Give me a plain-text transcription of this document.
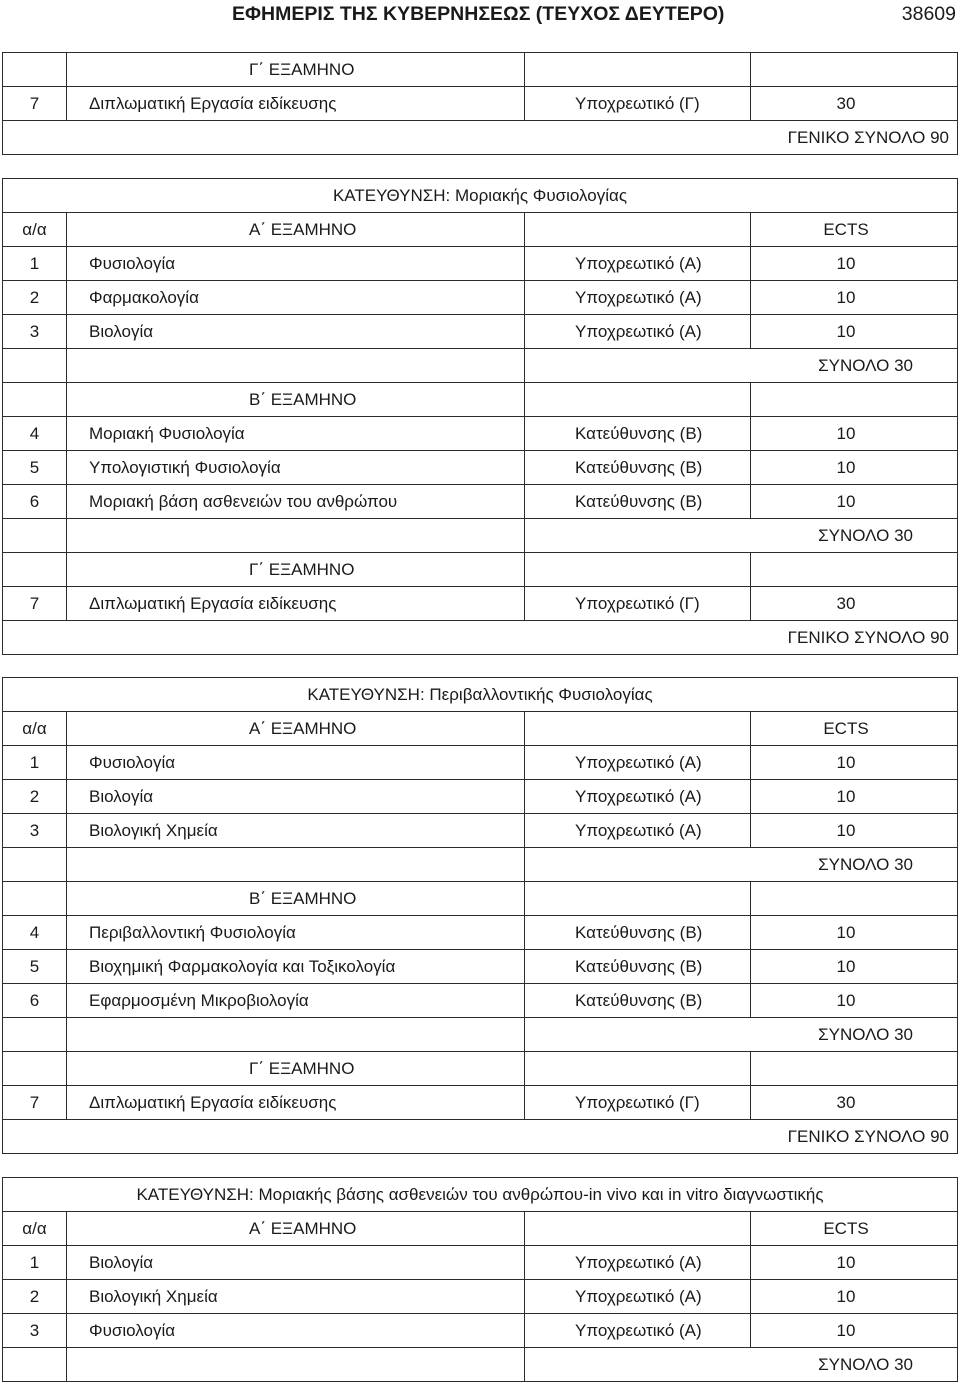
ΕΦΗΜΕΡΙΣ ΤΗΣ ΚΥΒΕΡΝΗΣΕΩΣ (ΤΕΥΧΟΣ ΔΕΥΤΕΡΟ)	38609
	Γ΄ ΕΞΑΜΗΝΟ		
7	Διπλωματική Εργασία ειδίκευσης	Υποχρεωτικό (Γ)	30
ΓΕΝΙΚΟ ΣΥΝΟΛΟ 90			
ΚΑΤΕΥΘΥΝΣΗ: Μοριακής Φυσιολογίας			
α/α	Α΄ ΕΞΑΜΗΝΟ		ECTS
1	Φυσιολογία	Υποχρεωτικό (Α)	10
2	Φαρμακολογία	Υποχρεωτικό (Α)	10
3	Βιολογία	Υποχρεωτικό (Α)	10
		ΣΥΝΟΛΟ 30	
	Β΄ ΕΞΑΜΗΝΟ		
4	Μοριακή Φυσιολογία	Κατεύθυνσης (Β)	10
5	Υπολογιστική Φυσιολογία	Κατεύθυνσης (Β)	10
6	Μοριακή βάση ασθενειών του ανθρώπου	Κατεύθυνσης (Β)	10
		ΣΥΝΟΛΟ 30	
	Γ΄ ΕΞΑΜΗΝΟ		
7	Διπλωματική Εργασία ειδίκευσης	Υποχρεωτικό (Γ)	30
ΓΕΝΙΚΟ ΣΥΝΟΛΟ 90			
ΚΑΤΕΥΘΥΝΣΗ: Περιβαλλοντικής Φυσιολογίας			
α/α	Α΄ ΕΞΑΜΗΝΟ		ECTS
1	Φυσιολογία	Υποχρεωτικό (Α)	10
2	Βιολογία	Υποχρεωτικό (Α)	10
3	Βιολογική Χημεία	Υποχρεωτικό (Α)	10
		ΣΥΝΟΛΟ 30	
	Β΄ ΕΞΑΜΗΝΟ		
4	Περιβαλλοντική Φυσιολογία	Κατεύθυνσης (Β)	10
5	Βιοχημική Φαρμακολογία και Τοξικολογία	Κατεύθυνσης (Β)	10
6	Εφαρμοσμένη Μικροβιολογία	Κατεύθυνσης (Β)	10
		ΣΥΝΟΛΟ 30	
	Γ΄ ΕΞΑΜΗΝΟ		
7	Διπλωματική Εργασία ειδίκευσης	Υποχρεωτικό (Γ)	30
ΓΕΝΙΚΟ ΣΥΝΟΛΟ 90			
ΚΑΤΕΥΘΥΝΣΗ: Μοριακής βάσης ασθενειών του ανθρώπου-in vivo και in vitro διαγνωστικής			
α/α	Α΄ ΕΞΑΜΗΝΟ		ECTS
1	Βιολογία	Υποχρεωτικό (Α)	10
2	Βιολογική Χημεία	Υποχρεωτικό (Α)	10
3	Φυσιολογία	Υποχρεωτικό (Α)	10
		ΣΥΝΟΛΟ 30	
